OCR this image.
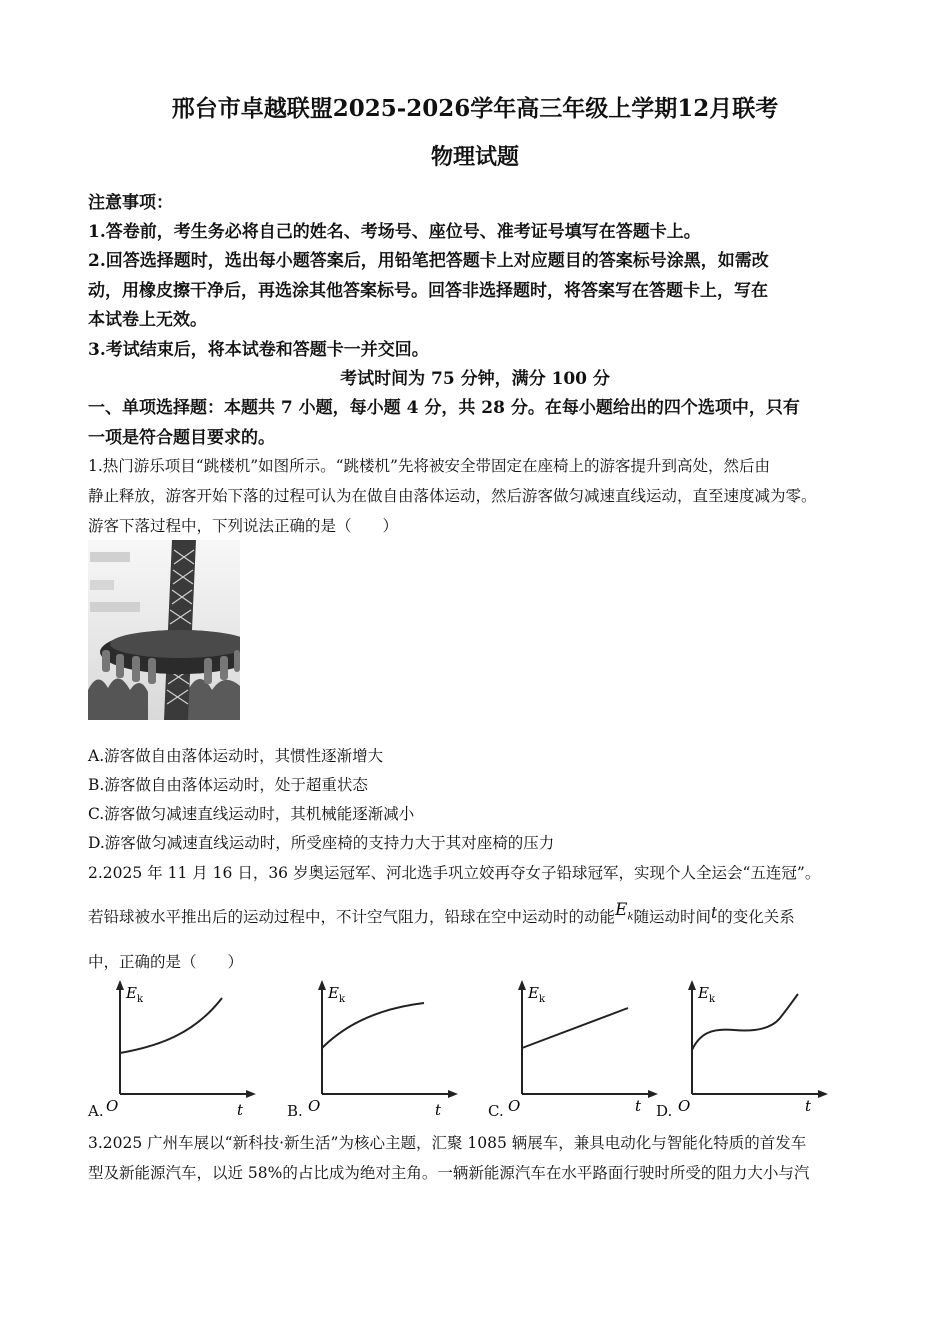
邢台市卓越联盟2025-2026学年高三年级上学期12月联考
物理试题
注意事项：
1.答卷前，考生务必将自己的姓名、考场号、座位号、准考证号填写在答题卡上。
2.回答选择题时，选出每小题答案后，用铅笔把答题卡上对应题目的答案标号涂黑，如需改
动，用橡皮擦干净后，再选涂其他答案标号。回答非选择题时，将答案写在答题卡上，写在
本试卷上无效。
3.考试结束后，将本试卷和答题卡一并交回。
考试时间为 75 分钟，满分 100 分
一、单项选择题：本题共 7 小题，每小题 4 分，共 28 分。在每小题给出的四个选项中，只有
一项是符合题目要求的。
1.热门游乐项目“跳楼机”如图所示。“跳楼机”先将被安全带固定在座椅上的游客提升到高处，然后由
静止释放，游客开始下落的过程可认为在做自由落体运动，然后游客做匀减速直线运动，直至速度减为零。
游客下落过程中，下列说法正确的是（　　）
A.游客做自由落体运动时，其惯性逐渐增大
B.游客做自由落体运动时，处于超重状态
C.游客做匀减速直线运动时，其机械能逐渐减小
D.游客做匀减速直线运动时，所受座椅的支持力大于其对座椅的压力
2.2025 年 11 月 16 日，36 岁奥运冠军、河北选手巩立姣再夺女子铅球冠军，实现个人全运会“五连冠”。
若铅球被水平推出后的运动过程中，不计空气阻力，铅球在空中运动时的动能$E_k$随运动时间t的变化关系
中，正确的是（　　）
$E_k$
O	t
A.
$E_k$
O	t
B.
$E_k$
O	t
C.
$E_k$
O	t
D.
3.2025 广州车展以“新科技·新生活”为核心主题，汇聚 1085 辆展车，兼具电动化与智能化特质的首发车
型及新能源汽车，以近 58%的占比成为绝对主角。一辆新能源汽车在水平路面行驶时所受的阻力大小与汽
